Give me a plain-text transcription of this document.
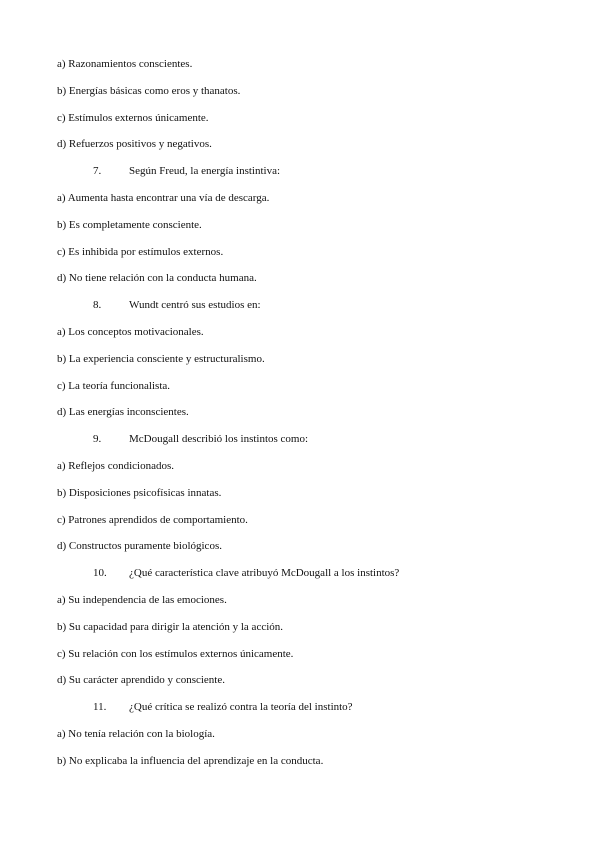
a) Razonamientos conscientes.
b) Energías básicas como eros y thanatos.
c) Estímulos externos únicamente.
d) Refuerzos positivos y negativos.
7.	Según Freud, la energía instintiva:
a) Aumenta hasta encontrar una vía de descarga.
b) Es completamente consciente.
c) Es inhibida por estímulos externos.
d) No tiene relación con la conducta humana.
8.	Wundt centró sus estudios en:
a) Los conceptos motivacionales.
b) La experiencia consciente y estructuralismo.
c) La teoría funcionalista.
d) Las energías inconscientes.
9.	McDougall describió los instintos como:
a) Reflejos condicionados.
b) Disposiciones psicofísicas innatas.
c) Patrones aprendidos de comportamiento.
d) Constructos puramente biológicos.
10. ¿Qué característica clave atribuyó McDougall a los instintos?
a) Su independencia de las emociones.
b) Su capacidad para dirigir la atención y la acción.
c) Su relación con los estímulos externos únicamente.
d) Su carácter aprendido y consciente.
11. ¿Qué crítica se realizó contra la teoría del instinto?
a) No tenía relación con la biología.
b) No explicaba la influencia del aprendizaje en la conducta.
